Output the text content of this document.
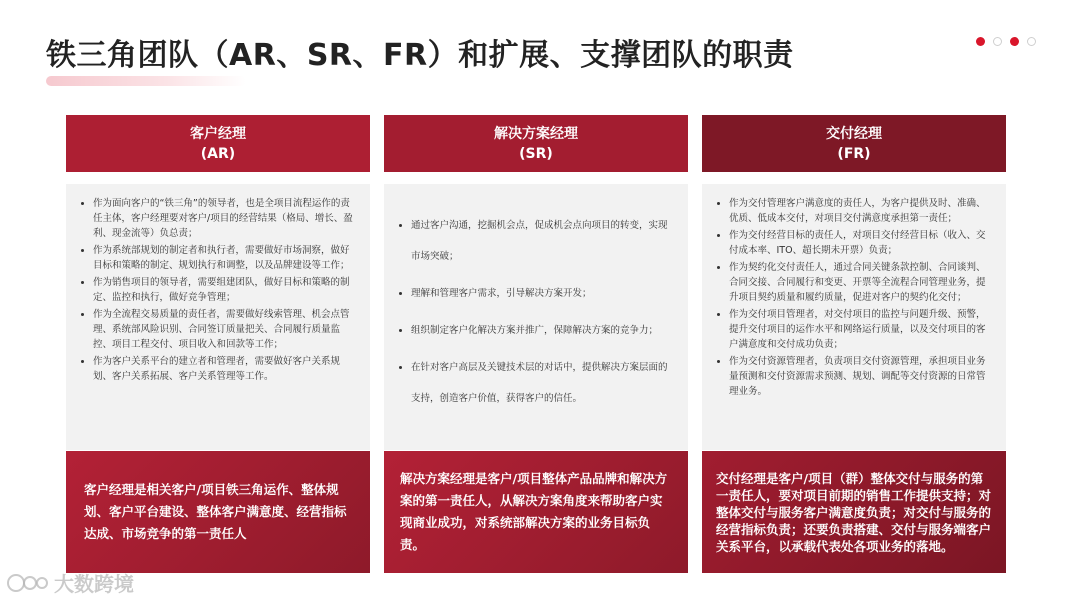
铁三角团队（AR、SR、FR）和扩展、支撑团队的职责
客户经理
(AR)
• 作为面向客户的“铁三角”的领导者，也是全项目流程运作的责任主体，客户经理要对客户/项目的经营结果（格局、增长、盈利、现金流等）负总责；
• 作为系统部规划的制定者和执行者，需要做好市场洞察，做好目标和策略的制定、规划执行和调整，以及品牌建设等工作；
• 作为销售项目的领导者，需要组建团队，做好目标和策略的制定、监控和执行，做好竞争管理；
• 作为全流程交易质量的责任者，需要做好线索管理、机会点管理、系统部风险识别、合同签订质量把关、合同履行质量监控、项目工程交付、项目收入和回款等工作；
• 作为客户关系平台的建立者和管理者，需要做好客户关系规划、客户关系拓展、客户关系管理等工作。
客户经理是相关客户/项目铁三角运作、整体规划、客户平台建设、整体客户满意度、经营指标达成、市场竞争的第一责任人
解决方案经理
(SR)
• 通过客户沟通，挖掘机会点，促成机会点向项目的转变，实现市场突破；
• 理解和管理客户需求，引导解决方案开发；
• 组织制定客户化解决方案并推广，保障解决方案的竞争力；
• 在针对客户高层及关键技术层的对话中，提供解决方案层面的支持，创造客户价值，获得客户的信任。
解决方案经理是客户/项目整体产品品牌和解决方案的第一责任人，从解决方案角度来帮助客户实现商业成功，对系统部解决方案的业务目标负责。
交付经理
(FR)
• 作为交付管理客户满意度的责任人，为客户提供及时、准确、优质、低成本交付，对项目交付满意度承担第一责任；
• 作为交付经营目标的责任人，对项目交付经营目标（收入、交付成本率、ITO、超长期未开票）负责；
• 作为契约化交付责任人，通过合同关键条款控制、合同谈判、合同交接、合同履行和变更、开票等全流程合同管理业务，提升项目契约质量和履约质量，促进对客户的契约化交付；
• 作为交付项目管理者，对交付项目的监控与问题升级、预警，提升交付项目的运作水平和网络运行质量，以及交付项目的客户满意度和交付成功负责；
• 作为交付资源管理者，负责项目交付资源管理，承担项目业务量预测和交付资源需求预测、规划、调配等交付资源的日常管理业务。
交付经理是客户/项目（群）整体交付与服务的第一责任人，要对项目前期的销售工作提供支持；对整体交付与服务客户满意度负责；对交付与服务的经营指标负责；还要负责搭建、交付与服务端客户关系平台，以承载代表处各项业务的落地。
大数跨境
